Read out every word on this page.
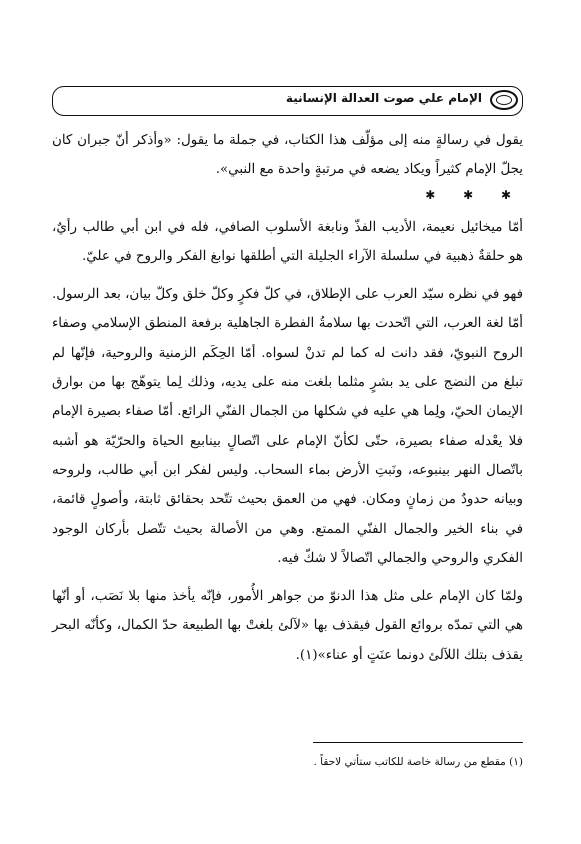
الإمام علي صوت العدالة الإنسانية

يقول في رسالةٍ منه إلى مؤلّف هذا الكتاب، في جملة ما يقول: «وأذكر أنّ جبران كان يجلّ الإمام كثيراً ويكاد يضعه في مرتبةٍ واحدة مع النبي».

✱ ✱ ✱

أمّا ميخائيل نعيمة، الأديب الفذّ ونابغة الأسلوب الصافي، فله في ابن أبي طالب رأيٌ، هو حلقةٌ ذهبية في سلسلة الآراء الجليلة التي أطلقها نوابغ الفكر والروح في عليّ.

فهو في نظره سيّد العرب على الإطلاق، في كلّ فكرٍ وكلّ خلق وكلّ بيان، بعد الرسول. أمّا لغة العرب، التي اتّحدت بها سلامةُ الفطرة الجاهلية برفعة المنطق الإسلامي وصفاء الروح النبويّ، فقد دانت له كما لم تدنْ لسواه. أمّا الحِكَم الزمنية والروحية، فإنّها لم تبلغ من النضج على يد بشرٍ مثلما بلغت منه على يديه، وذلك لِما يتوهّج بها من بوارق الإيمان الحيّ، ولِما هي عليه في شكلها من الجمال الفنّي الرائع. أمّا صفاء بصيرة الإمام فلا يعْدله صفاء بصيرة، حتّى لكأنّ الإمام على اتّصالٍ بينابيع الحياة والحرّيّة هو أشبه باتّصال النهر بينبوعه، ونَبتِ الأرض بماء السحاب. وليس لفكر ابن أبي طالب، ولروحه وبيانه حدودٌ من زمانٍ ومكان. فهي من العمق بحيث تتّحد بحقائق ثابتة، وأصولٍ قائمة، في بناء الخير والجمال الفنّي الممتع. وهي من الأصالة بحيث تتّصل بأركان الوجود الفكري والروحي والجمالي اتّصالاً لا شكّ فيه.

ولمّا كان الإمام على مثل هذا الدنوّ من جواهر الأُمور، فإنّه يأخذ منها بلا نَصَب، أو أنّها هي التي تمدّه بروائع القول فيقذف بها «لآلئ بلغتْ بها الطبيعة حدّ الكمال، وكأنّه البحر يقذف بتلك اللآلئ دونما عنَتٍ أو عناء»(١).

(١) مقطع من رسالة خاصة للكاتب ستأتي لاحقاً .
